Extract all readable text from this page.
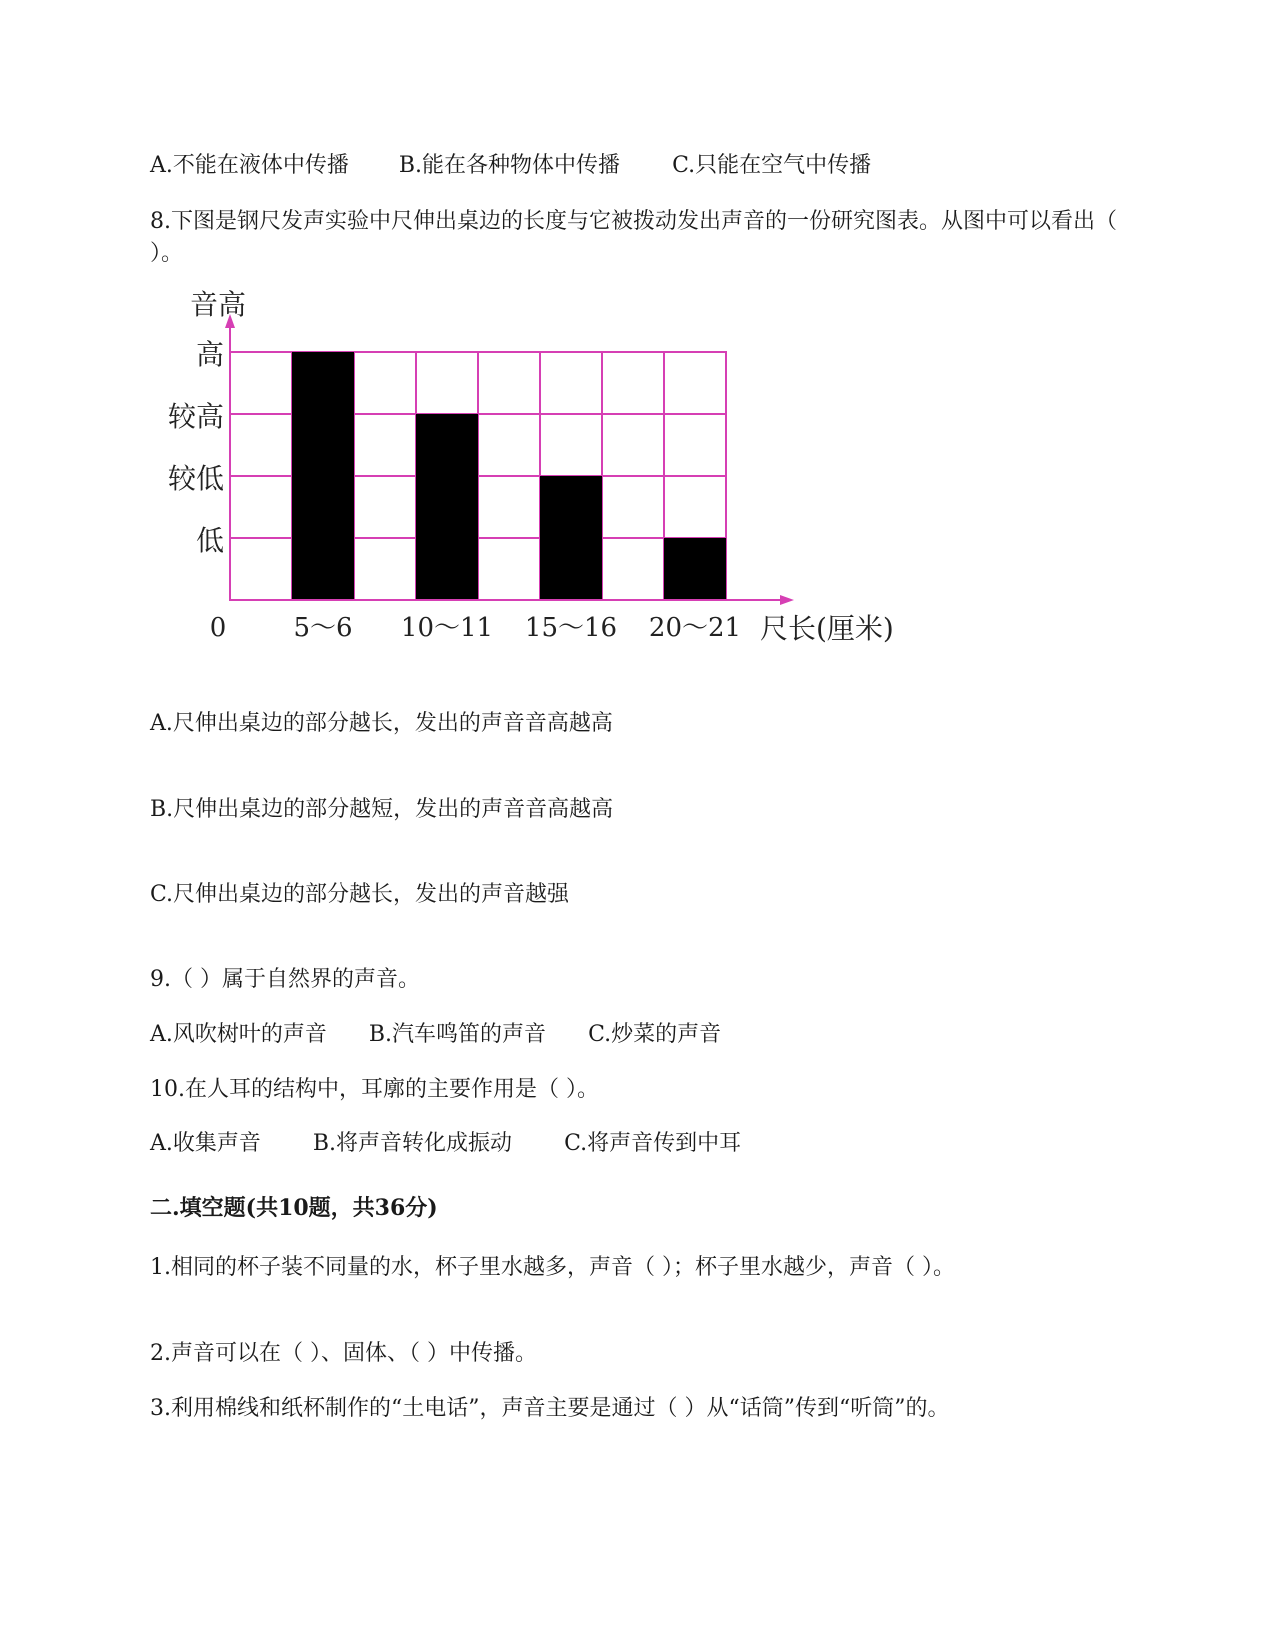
A.不能在液体中传播 B.能在各种物体中传播 C.只能在空气中传播
8.下图是钢尺发声实验中尺伸出桌边的长度与它被拨动发出声音的一份研究图表。从图中可以看出（ ）。
音高
低
较低
较高
高
0	5～6 10～11 15～16 20～21 尺长(厘米)
A.尺伸出桌边的部分越长，发出的声音音高越高
B.尺伸出桌边的部分越短，发出的声音音高越高
C.尺伸出桌边的部分越长，发出的声音越强
9.（ ）属于自然界的声音。
A.风吹树叶的声音 B.汽车鸣笛的声音 C.炒菜的声音
10.在人耳的结构中，耳廓的主要作用是（ ）。
A.收集声音 B.将声音转化成振动 C.将声音传到中耳
二.填空题(共10题，共36分)
1.相同的杯子装不同量的水，杯子里水越多，声音（ ）；杯子里水越少，声音（ ）。
2.声音可以在（ ）、固体、（ ）中传播。
3.利用棉线和纸杯制作的“土电话”，声音主要是通过（ ）从“话筒”传到“听筒”的。
